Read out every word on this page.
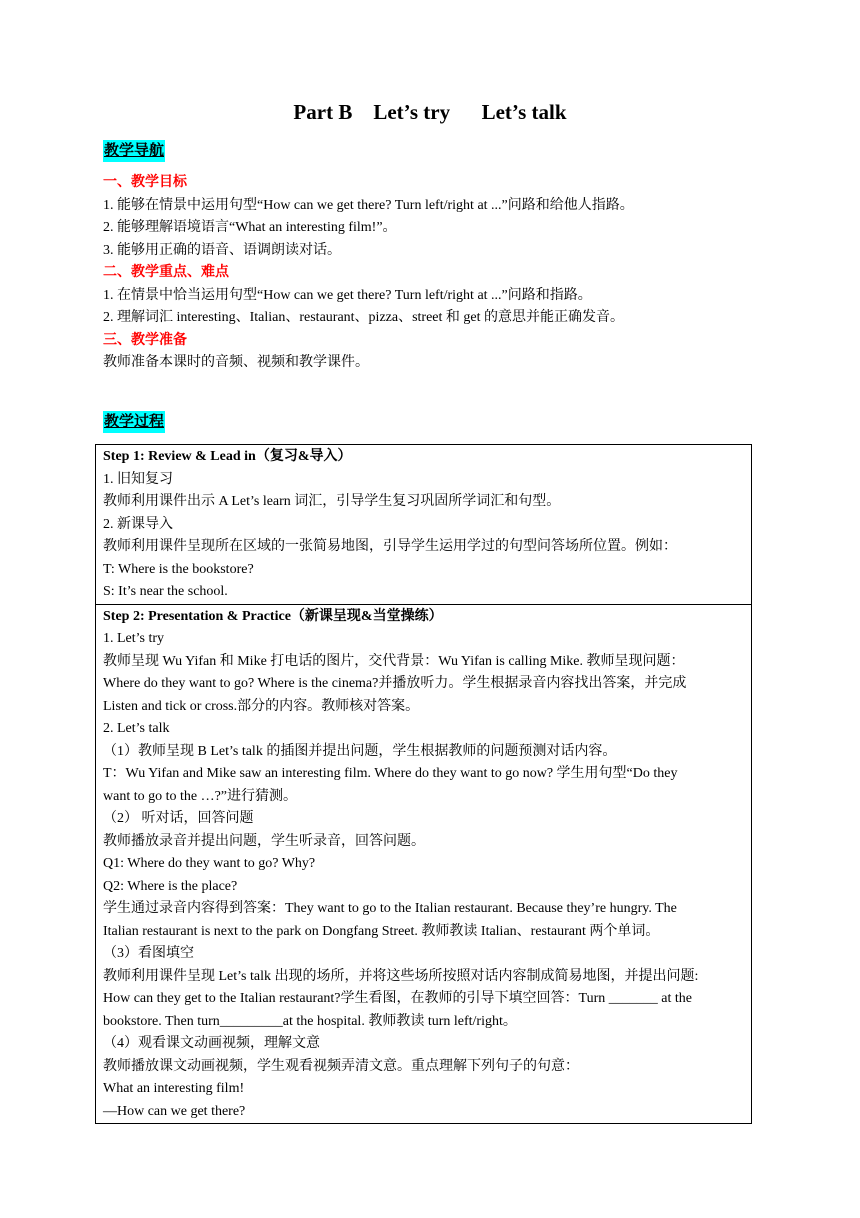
Part B    Let’s try      Let’s talk
教学导航
一、教学目标
1. 能够在情景中运用句型“How can we get there? Turn left/right at ...”问路和给他人指路。
2. 能够理解语境语言“What an interesting film!”。
3. 能够用正确的语音、语调朗读对话。
二、教学重点、难点
1. 在情景中恰当运用句型“How can we get there? Turn left/right at ...”问路和指路。
2. 理解词汇 interesting、Italian、restaurant、pizza、street 和 get 的意思并能正确发音。
三、教学准备
教师准备本课时的音频、视频和教学课件。
教学过程
Step 1: Review & Lead in（复习&导入）
1. 旧知复习
教师利用课件出示 A Let’s learn 词汇，引导学生复习巩固所学词汇和句型。
2. 新课导入
教师利用课件呈现所在区域的一张简易地图，引导学生运用学过的句型问答场所位置。例如：
T: Where is the bookstore?
S: It’s near the school.

Step 2: Presentation & Practice（新课呈现&当堂操练）
1. Let’s try
教师呈现 Wu Yifan 和 Mike 打电话的图片，交代背景：Wu Yifan is calling Mike. 教师呈现问题：
Where do they want to go? Where is the cinema?并播放听力。学生根据录音内容找出答案，并完成
Listen and tick or cross.部分的内容。教师核对答案。
2. Let’s talk
（1）教师呈现 B Let’s talk 的插图并提出问题，学生根据教师的问题预测对话内容。
T：Wu Yifan and Mike saw an interesting film. Where do they want to go now? 学生用句型“Do they
want to go to the …?”进行猜测。
（2） 听对话，回答问题
教师播放录音并提出问题，学生听录音，回答问题。
Q1: Where do they want to go? Why?
Q2: Where is the place?
学生通过录音内容得到答案：They want to go to the Italian restaurant. Because they’re hungry. The
Italian restaurant is next to the park on Dongfang Street. 教师教读 Italian、restaurant 两个单词。
（3）看图填空
教师利用课件呈现 Let’s talk 出现的场所，并将这些场所按照对话内容制成简易地图，并提出问题:
How can they get to the Italian restaurant?学生看图，在教师的引导下填空回答：Turn _______ at the
bookstore. Then turn_________at the hospital. 教师教读 turn left/right。
（4）观看课文动画视频，理解文意
教师播放课文动画视频，学生观看视频弄清文意。重点理解下列句子的句意：
What an interesting film!
—How can we get there?
